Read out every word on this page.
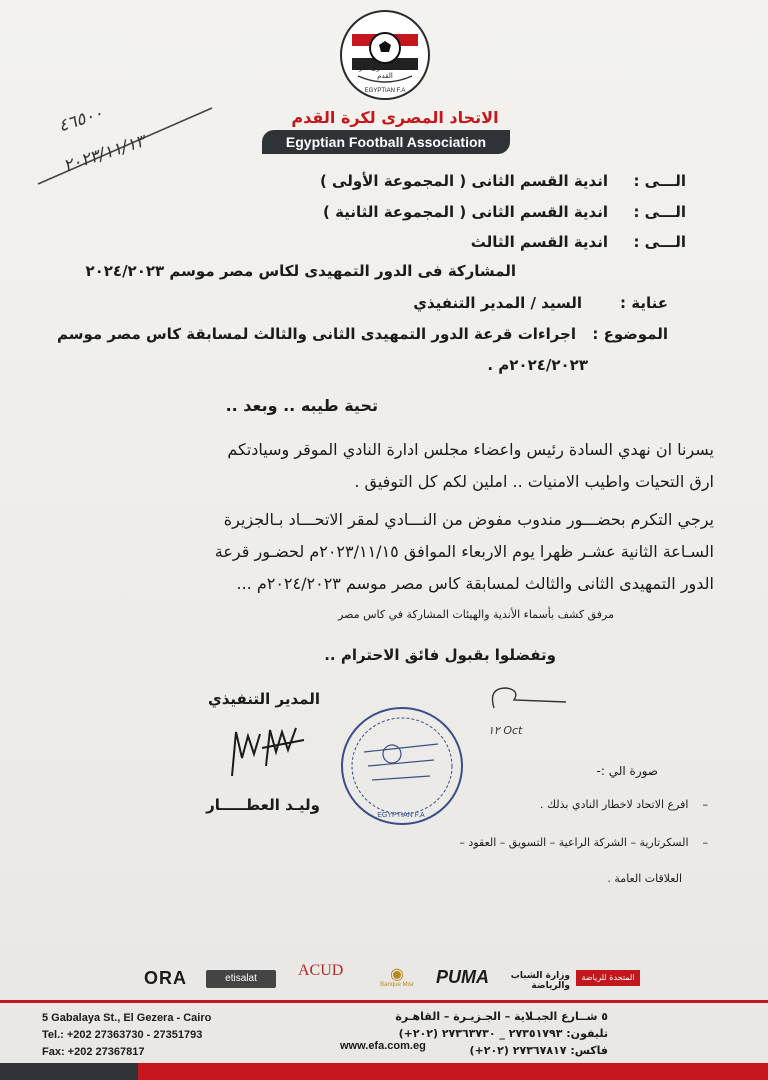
الاتحاد المصرى لكرة القدم
EGYPTIAN F.A
الاتحاد المصرى لكرة القدم
Egyptian Football Association
٤٦٥٠٠
٢٠٢٣/١١/١٣
الـــى :
اندية القسم الثانى ( المجموعة الأولى )
الـــى :
اندية القسم الثانى ( المجموعة الثانية )
الـــى :
اندية القسم الثالث
المشاركة فى الدور التمهيدى لكاس مصر موسم ٢٠٢٤/٢٠٢٣
عناية :
السيد / المدير التنفيذي
الموضوع :
اجراءات قرعة الدور التمهيدى الثانى والثالث لمسابقة كاس مصر موسم
٢٠٢٤/٢٠٢٣م .
تحية طيبه .. وبعد ..
يسرنا ان نهدي السادة رئيس واعضاء مجلس ادارة النادي الموقر وسيادتكم
ارق التحيات واطيب الامنيات .. املين لكم كل التوفيق .
يرجي التكرم بحضـــور مندوب مفوض من النـــادي لمقر الاتحـــاد بـالجزيرة
السـاعة الثانية عشـر ظهرا يوم الاربعاء الموافق ٢٠٢٣/١١/١٥م لحضـور قرعة
الدور التمهيدى الثانى والثالث لمسابقة كاس مصر موسم ٢٠٢٤/٢٠٢٣م ...
مرفق كشف بأسماء الأندية والهيئات المشاركة في كاس مصر
وتفضلوا بقبول فائق الاحترام ..
المدير التنفيذي
وليـد العطـــــار
EGYPTIAN F.A
١٢ Oct
صورة الي :-
–    افرع الاتحاد لاخطار النادي بذلك .
–    السكرتارية – الشركة الراعية – التسويق – العقود –
العلاقات العامة .
ORA	etisalat	ACUD
Banque Misr
◉	PUMA وزارة الشباب والرياضة
المتحدة للرياضة
5 Gabalaya St., El Gezera - Cairo
Tel.: +202 27363730 - 27351793
Fax: +202 27367817	www.efa.com.eg
٥ شــارع الجبـلاية – الجـزيـرة – القاهـرة
تليفون: ٢٧٣٥١٧٩٣ _ ٢٧٣٦٣٧٣٠ (٢٠٢+)
فاكس: ٢٧٣٦٧٨١٧ (٢٠٢+)
